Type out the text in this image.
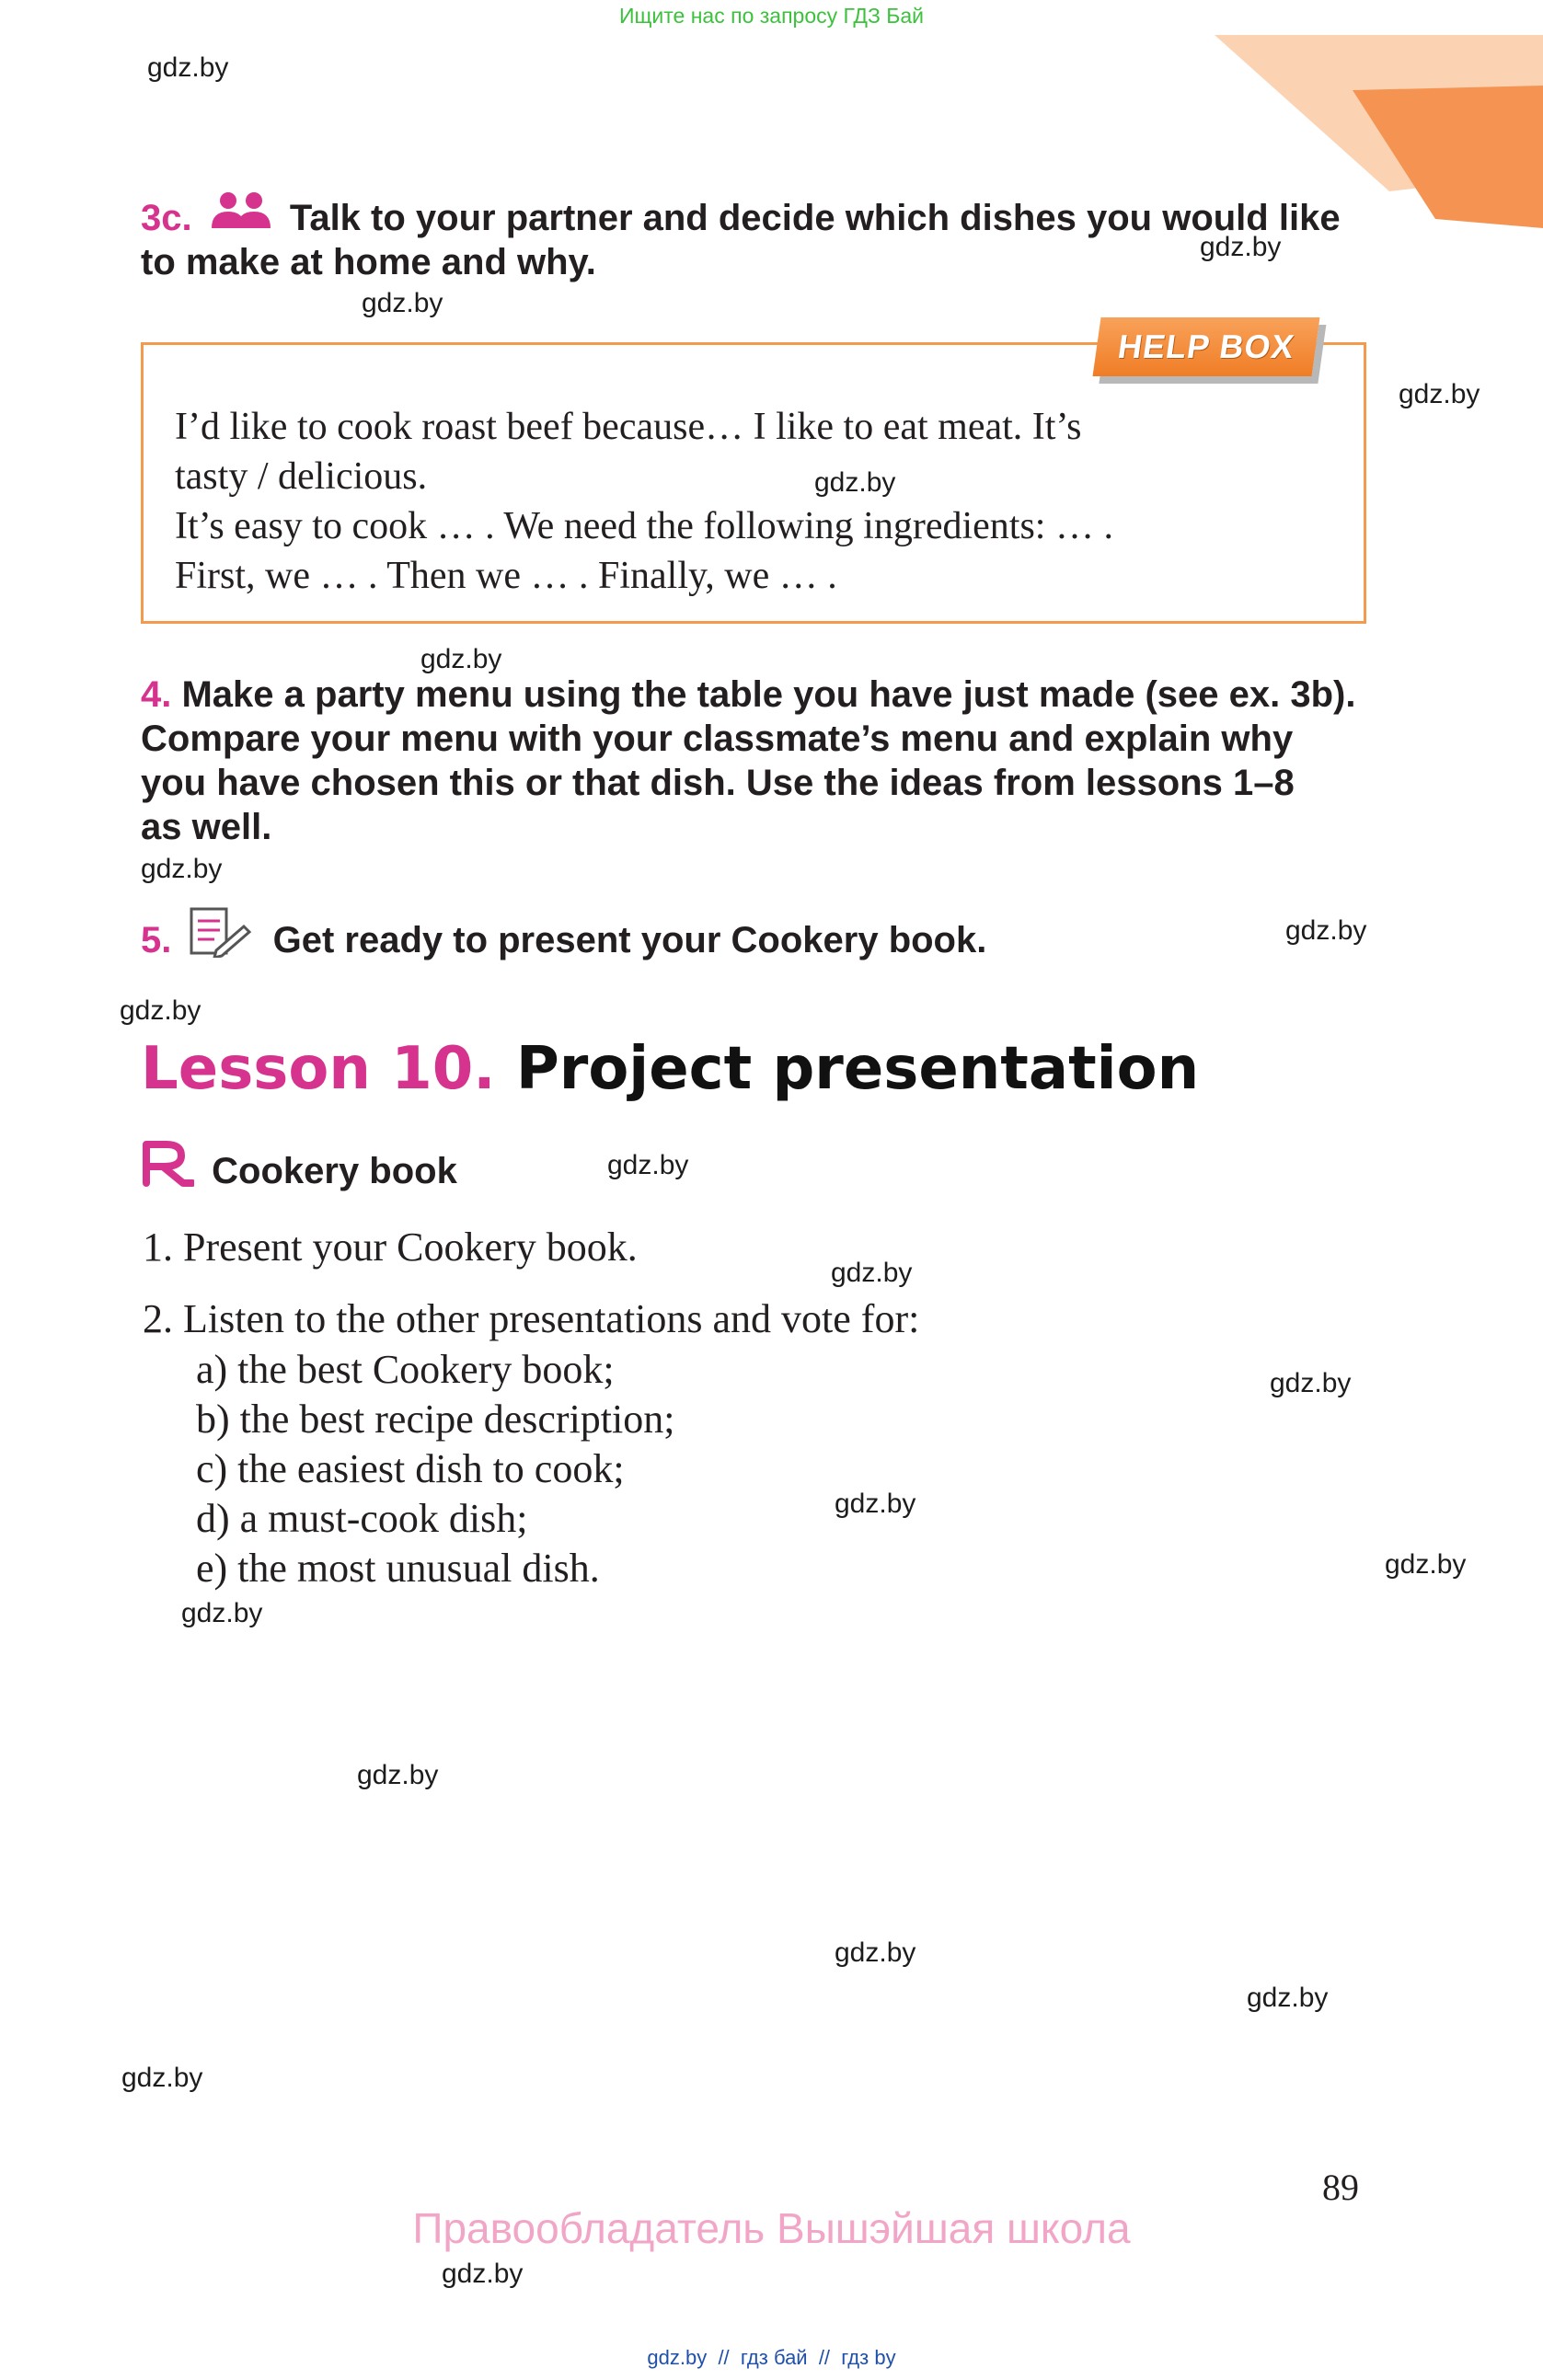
Ищите нас по запросу ГДЗ Бай
gdz.by
gdz.by
gdz.by
gdz.by
gdz.by
gdz.by
gdz.by
gdz.by
gdz.by
gdz.by
gdz.by
gdz.by
gdz.by
gdz.by
gdz.by
gdz.by
gdz.by
gdz.by
gdz.by
gdz.by
3c.	Talk to your partner and decide which dishes you would like
to make at home and why.
HELP BOX
I’d like to cook roast beef because… I like to eat meat. It’s
tasty / delicious.
It’s easy to cook … . We need the following ingredients: … .
First, we … . Then we … . Finally, we … .
4. Make a party menu using the table you have just made (see ex. 3b).
Compare your menu with your classmate’s menu and explain why
you have chosen this or that dish. Use the ideas from lessons 1–8
as well.
5.	Get ready to present your Cookery book.
Lesson 10. Project presentation
Cookery book
1. Present your Cookery book.
2. Listen to the other presentations and vote for:
a) the best Cookery book;
b) the best recipe description;
c) the easiest dish to cook;
d) a must-cook dish;
e) the most unusual dish.
89
Правообладатель Вышэйшая школа
gdz.by  //  гдз бай  //  гдз by
